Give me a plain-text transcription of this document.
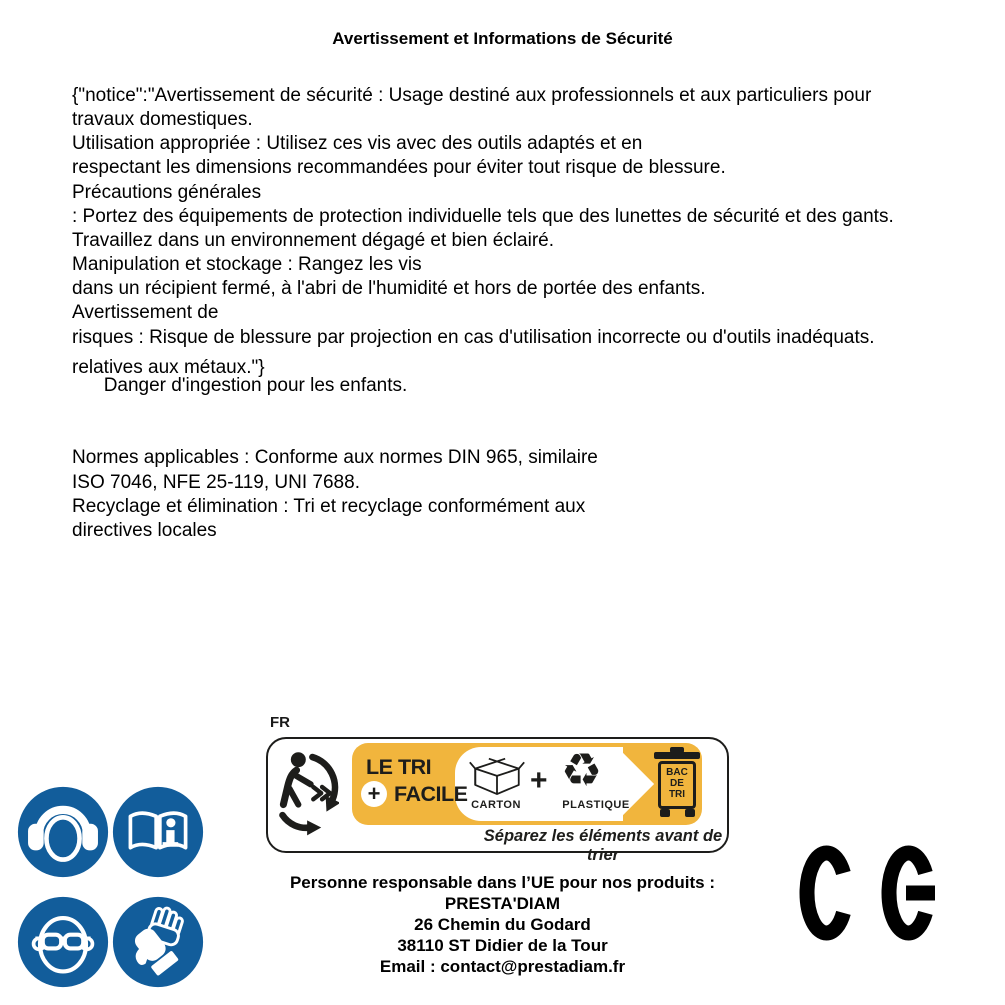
Avertissement et Informations de Sécurité
{"notice":"Avertissement de sécurité : Usage destiné aux professionnels et aux particuliers pour
travaux domestiques.
Utilisation appropriée : Utilisez ces vis avec des outils adaptés et en
respectant les dimensions recommandées pour éviter tout risque de blessure.
Précautions générales
: Portez des équipements de protection individuelle tels que des lunettes de sécurité et des gants.
Travaillez dans un environnement dégagé et bien éclairé.
Manipulation et stockage : Rangez les vis
dans un récipient fermé, à l'abri de l'humidité et hors de portée des enfants.
Avertissement de
risques : Risque de blessure par projection en cas d'utilisation incorrecte ou d'outils inadéquats.

Danger d'ingestion pour les enfants.

relatives aux métaux."}

Normes applicables : Conforme aux normes DIN 965, similaire
ISO 7046, NFE 25-119, UNI 7688.
Recyclage et élimination : Tri et recyclage conformément aux
directives locales
FR
LE TRI
+ FACILE CARTON
+ ♻
PLASTIQUE
BAC
DE
TRI
Séparez les éléments avant de trier
Personne responsable dans l’UE pour nos produits :
PRESTA'DIAM
26 Chemin du Godard
38110 ST Didier de la Tour
Email : contact@prestadiam.fr
